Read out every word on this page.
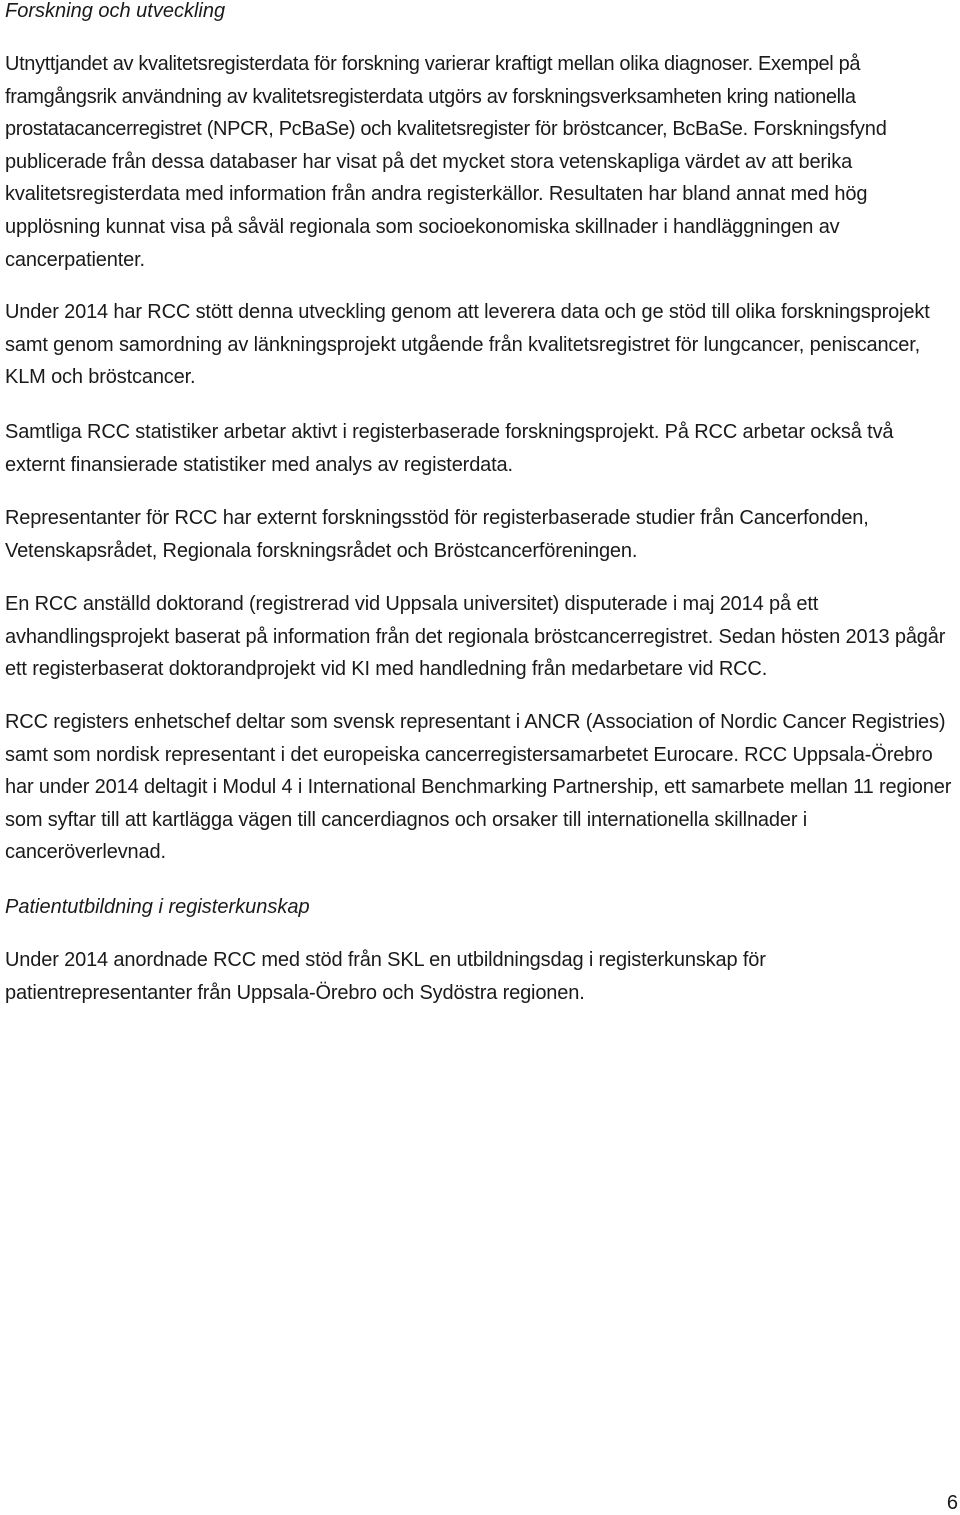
Forskning och utveckling

Utnyttjandet av kvalitetsregisterdata för forskning varierar kraftigt mellan olika diagnoser. Exempel på framgångsrik användning av kvalitetsregisterdata utgörs av forskningsverksamheten kring nationella prostatacancerregistret (NPCR, PcBaSe) och kvalitetsregister för bröstcancer, BcBaSe. Forskningsfynd publicerade från dessa databaser har visat på det mycket stora vetenskapliga värdet av att berika kvalitetsregisterdata med information från andra registerkällor. Resultaten har bland annat med hög upplösning kunnat visa på såväl regionala som socioekonomiska skillnader i handläggningen av cancerpatienter.

Under 2014 har RCC stött denna utveckling genom att leverera data och ge stöd till olika forskningsprojekt samt genom samordning av länkningsprojekt utgående från kvalitetsregistret för lungcancer, peniscancer, KLM och bröstcancer.

Samtliga RCC statistiker arbetar aktivt i registerbaserade forskningsprojekt. På RCC arbetar också två externt finansierade statistiker med analys av registerdata.

Representanter för RCC har externt forskningsstöd för registerbaserade studier från Cancerfonden, Vetenskapsrådet, Regionala forskningsrådet och Bröstcancerföreningen.

En RCC anställd doktorand (registrerad vid Uppsala universitet) disputerade i maj 2014 på ett avhandlingsprojekt baserat på information från det regionala bröstcancerregistret. Sedan hösten 2013 pågår ett registerbaserat doktorandprojekt vid KI med handledning från medarbetare vid RCC.

RCC registers enhetschef deltar som svensk representant i ANCR (Association of Nordic Cancer Registries) samt som nordisk representant i det europeiska cancerregistersamarbetet Eurocare. RCC Uppsala-Örebro har under 2014 deltagit i Modul 4 i International Benchmarking Partnership, ett samarbete mellan 11 regioner som syftar till att kartlägga vägen till cancerdiagnos och orsaker till internationella skillnader i canceröverlevnad.

Patientutbildning i registerkunskap

Under 2014 anordnade RCC med stöd från SKL en utbildningsdag i registerkunskap för patientrepresentanter från Uppsala-Örebro och Sydöstra regionen.

6
